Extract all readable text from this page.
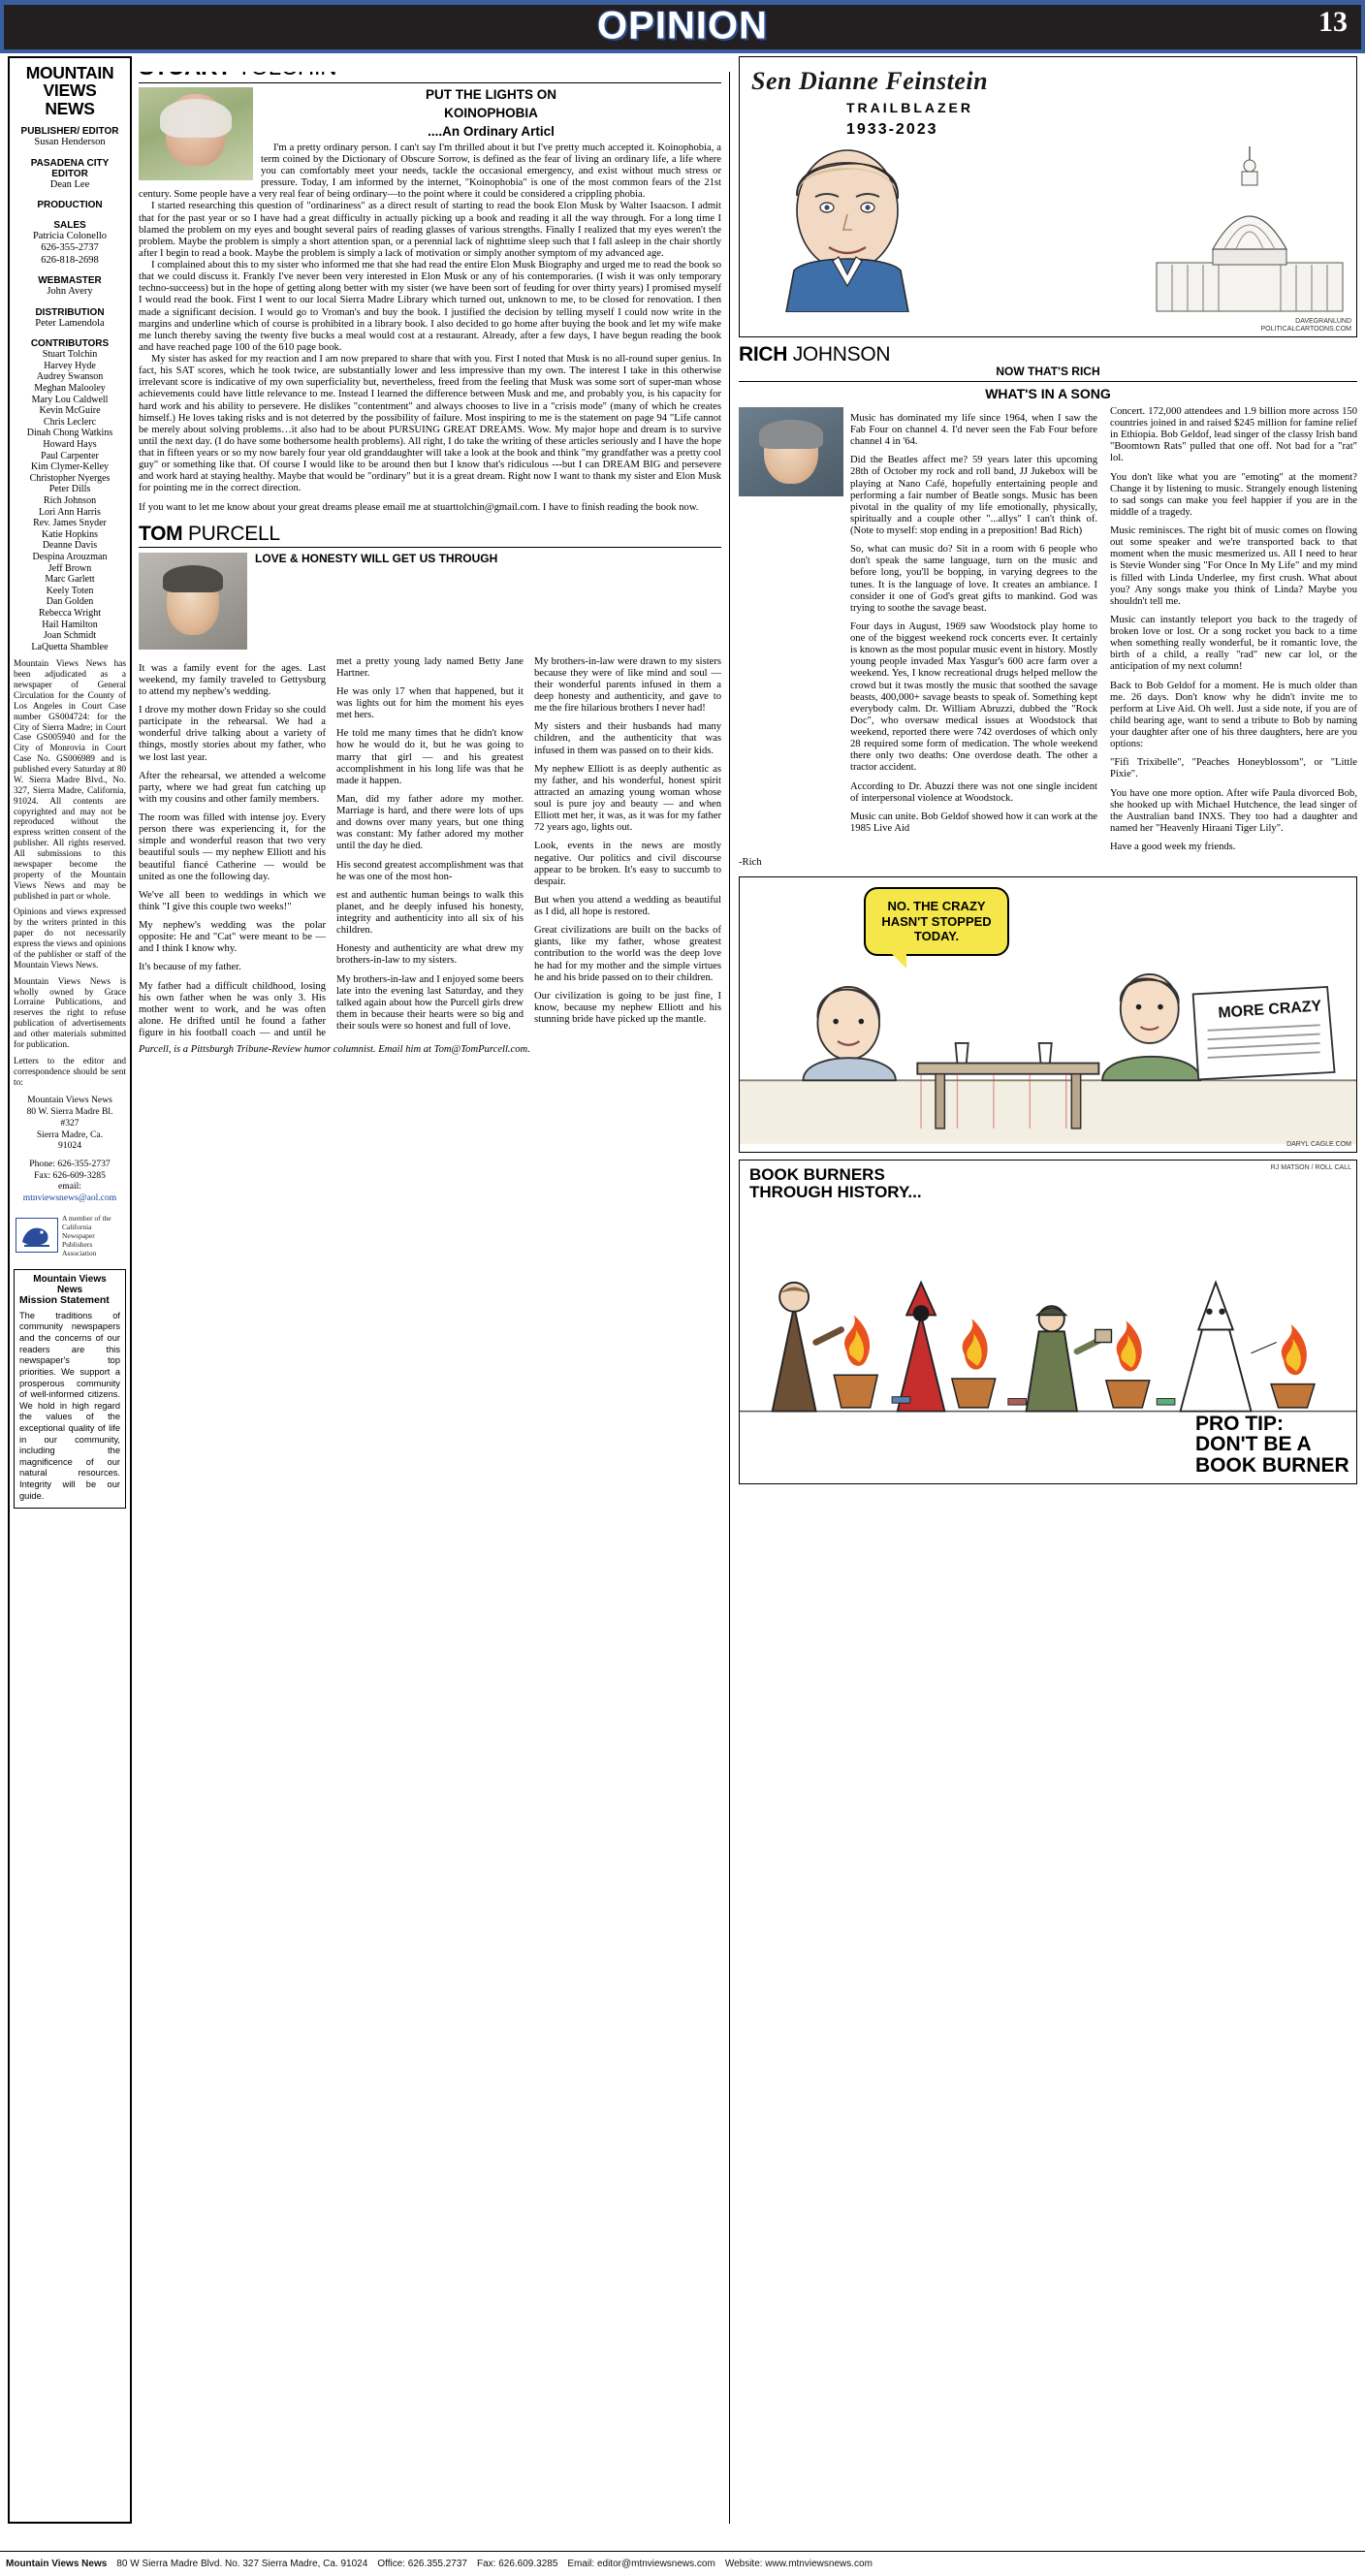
OPINION	13
MOUNTAIN
VIEWS
NEWS
PUBLISHER/ EDITOR
Susan Henderson
PASADENA CITY EDITOR
Dean Lee
PRODUCTION
SALES
Patricia Colonello
626-355-2737
626-818-2698
WEBMASTER
John Avery
DISTRIBUTION
Peter Lamendola
CONTRIBUTORS
Stuart Tolchin
Harvey Hyde
Audrey Swanson
Meghan Malooley
Mary Lou Caldwell
Kevin McGuire
Chris Leclerc
Dinah Chong Watkins
Howard Hays
Paul Carpenter
Kim Clymer-Kelley
Christopher Nyerges
Peter Dills
Rich Johnson
Lori Ann Harris
Rev. James Snyder
Katie Hopkins
Deanne Davis
Despina Arouzman
Jeff Brown
Marc Garlett
Keely Toten
Dan Golden
Rebecca Wright
Hail Hamilton
Joan Schmidt
LaQuetta Shamblee

Mountain Views News has been adjudicated as a newspaper of General Circulation for the County of Los Angeles in Court Case number GS004724: for the City of Sierra Madre; in Court Case GS005940 and for the City of Monrovia in Court Case No. GS006989 and is published every Saturday at 80 W. Sierra Madre Blvd., No. 327, Sierra Madre, California, 91024. All contents are copyrighted and may not be reproduced without the express written consent of the publisher. All rights reserved. All submissions to this newspaper become the property of the Mountain Views News and may be published in part or whole.

Opinions and views expressed by the writers printed in this paper do not necessarily express the views and opinions of the publisher or staff of the Mountain Views News.

Mountain Views News is wholly owned by Grace Lorraine Publications, and reserves the right to refuse publication of advertisements and other materials submitted for publication.

Letters to the editor and correspondence should be sent to:

Mountain Views News
80 W. Sierra Madre Bl.
#327
Sierra Madre, Ca.
91024
Phone: 626-355-2737
Fax: 626-609-3285
email:
mtnviewsnews@aol.com
A member of the
California
Newspaper
Publishers
Association
Mountain Views News
Mission Statement
The traditions of community newspapers and the concerns of our readers are this newspaper's top priorities. We support a prosperous community of well-informed citizens. We hold in high regard the values of the exceptional quality of life in our community, including the magnificence of our natural resources. Integrity will be our guide.
PUT THE LIGHTS ON
KOINOPHOBIA
....An Ordinary Articl

I'm a pretty ordinary person. I can't say I'm thrilled about it but I've pretty much accepted it. Koinophobia, a term coined by the Dictionary of Obscure Sorrow, is defined as the fear of living an ordinary life, a life where you can comfortably meet your needs, tackle the occasional emergency, and exist without much stress or pressure. Today, I am informed by the internet, "Koinophobia" is one of the most common fears of the 21st century. Some people have a very real fear of being ordinary—to the point where it could be considered a crippling phobia.

I started researching this question of "ordinariness" as a direct result of starting to read the book Elon Musk by Walter Isaacson. I admit that for the past year or so I have had a great difficulty in actually picking up a book and reading it all the way through. For a long time I blamed the problem on my eyes and bought several pairs of reading glasses of various strengths. Finally I realized that my eyes weren't the problem. Maybe the problem is simply a short attention span, or a perennial lack of nighttime sleep such that I fall asleep in the chair shortly after I begin to read a book. Maybe the problem is simply a lack of motivation or simply another symptom of my advanced age.

I complained about this to my sister who informed me that she had read the entire Elon Musk Biography and urged me to read the book so that we could discuss it. Frankly I've never been very interested in Elon Musk or any of his contemporaries. (I wish it was only temporary techno-succeess) but in the hope of getting along better with my sister (we have been sort of feuding for over thirty years) I promised myself I would read the book. First I went to our local Sierra Madre Library which turned out, unknown to me, to be closed for renovation. I then made a significant decision. I would go to Vroman's and buy the book. I justified the decision by telling myself I could now write in the margins and underline which of course is prohibited in a library book. I also decided to go home after buying the book and let my wife make me lunch thereby saving the twenty five bucks a meal would cost at a restaurant. Already, after a few days, I have begun reading the book and have reached page 100 of the 610 page book.

My sister has asked for my reaction and I am now prepared to share that with you. First I noted that Musk is no all-round super genius. In fact, his SAT scores, which he took twice, are substantially lower and less impressive than my own. The interest I take in this otherwise irrelevant score is indicative of my own superficiality but, nevertheless, freed from the feeling that Musk was some sort of super-man whose achievements could have little relevance to me. Instead I learned the difference between Musk and me, and probably you, is his capacity for hard work and his ability to persevere. He dislikes "contentment" and always chooses to live in a "crisis mode" (many of which he creates himself.) He loves taking risks and is not deterred by the possibility of failure. Most inspiring to me is the statement on page 94 "Life cannot be merely about solving problems…it also had to be about PURSUING GREAT DREAMS. Wow. My major hope and dream is to survive until the next day. (I do have some bothersome health problems). All right, I do take the writing of these articles seriously and I have the hope that in fifteen years or so my now barely four year old granddaughter will take a look at the book and think "my grandfather was a pretty cool guy" or something like that. Of course I would like to be around then but I know that's ridiculous ---but I can DREAM BIG and persevere and work hard at staying healthy. Maybe that would be "ordinary" but it is a great dream. Right now I want to thank my sister and Elon Musk for pointing me in the correct direction.

If you want to let me know about your great dreams please email me at stuarttolchin@gmail.com. I have to finish reading the book now.

TOM PURCELL
LOVE & HONESTY WILL GET US THROUGH

It was a family event for the ages. Last weekend, my family traveled to Gettysburg to attend my nephew's wedding.

I drove my mother down Friday so she could participate in the rehearsal. We had a wonderful drive talking about a variety of things, mostly stories about my father, who we lost last year.

After the rehearsal, we attended a welcome party, where we had great fun catching up with my cousins and other family members.

The room was filled with intense joy. Every person there was experiencing it, for the simple and wonderful reason that two very beautiful souls — my nephew Elliott and his beautiful fiancé Catherine — would be united as one the following day.

We've all been to weddings in which we think "I give this couple two weeks!"

My nephew's wedding was the polar opposite: He and "Cat" were meant to be — and I think I know why.

It's because of my father.

My father had a difficult childhood, losing his own father when he was only 3. His mother went to work, and he was often alone. He drifted until he found a father figure in his football coach — and until he met a pretty young lady named Betty Jane Hartner.

He was only 17 when that happened, but it was lights out for him the moment his eyes met hers.

He told me many times that he didn't know how he would do it, but he was going to marry that girl — and his greatest accomplishment in his long life was that he made it happen.

Man, did my father adore my mother. Marriage is hard, and there were lots of ups and downs over many years, but one thing was constant: My father adored my mother until the day he died.

His second greatest accomplishment was that he was one of the most hon-

est and authentic human beings to walk this planet, and he deeply infused his honesty, integrity and authenticity into all six of his children.

Honesty and authenticity are what drew my brothers-in-law to my sisters.

My brothers-in-law and I enjoyed some beers late into the evening last Saturday, and they talked again about how the Purcell girls drew them in because their hearts were so big and their souls were so honest and full of love.

My brothers-in-law were drawn to my sisters because they were of like mind and soul — their wonderful parents infused in them a deep honesty and authenticity, and gave to me the fire hilarious brothers I never had!

My sisters and their husbands had many children, and the authenticity that was infused in them was passed on to their kids.

My nephew Elliott is as deeply authentic as my father, and his wonderful, honest spirit attracted an amazing young woman whose soul is pure joy and beauty — and when Elliott met her, it was, as it was for my father 72 years ago, lights out.

Look, events in the news are mostly negative. Our politics and civil discourse appear to be broken. It's easy to succumb to despair.

But when you attend a wedding as beautiful as I did, all hope is restored.

Great civilizations are built on the backs of giants, like my father, whose greatest contribution to the world was the deep love he had for my mother and the simple virtues he and his bride passed on to their children.

Our civilization is going to be just fine, I know, because my nephew Elliott and his stunning bride have picked up the mantle.

Purcell, is a Pittsburgh Tribune-Review humor columnist. Email him at Tom@TomPurcell.com.

Sen Dianne Feinstein
TRAILBLAZER
1933-2023
DAVEGRANLUND
POLITICALCARTOONS.COM
RICH JOHNSON
NOW THAT'S RICH
WHAT'S IN A SONG

Music has dominated my life since 1964, when I saw the Fab Four on channel 4. I'd never seen the Fab Four before channel 4 in '64.

Did the Beatles affect me? 59 years later this upcoming 28th of October my rock and roll band, JJ Jukebox will be playing at Nano Café, hopefully entertaining people and performing a fair number of Beatle songs. Music has been pivotal in the quality of my life emotionally, physically, spiritually and a couple other "...allys" I can't think of. (Note to myself: stop ending in a preposition! Bad Rich)

So, what can music do? Sit in a room with 6 people who don't speak the same language, turn on the music and before long, you'll be bopping, in varying degrees to the tunes. It is the language of love. It creates an ambiance. I consider it one of God's great gifts to mankind. God was trying to soothe the savage beast.

Four days in August, 1969 saw Woodstock play home to one of the biggest weekend rock concerts ever. It certainly is known as the most popular music event in history. Mostly young people invaded Max Yasgur's 600 acre farm over a weekend. Yes, I know recreational drugs helped mellow the crowd but it twas mostly the music that soothed the savage beasts, 400,000+ savage beasts to speak of. Something kept everybody calm. Dr. William Abruzzi, dubbed the "Rock Doc", who oversaw medical issues at Woodstock that weekend, reported there were 742 overdoses of which only 28 required some form of medication. The whole weekend there only two deaths: One overdose death. The other a tractor accident.

According to Dr. Abuzzi there was not one single incident of interpersonal violence at Woodstock.

Music can unite. Bob Geldof showed how it can work at the 1985 Live Aid

Concert. 172,000 attendees and 1.9 billion more across 150 countries joined in and raised $245 million for famine relief in Ethiopia. Bob Geldof, lead singer of the classy Irish band "Boomtown Rats" pulled that one off. Not bad for a "rat" lol.

You don't like what you are "emoting" at the moment? Change it by listening to music. Strangely enough listening to sad songs can make you feel happier if you are in the middle of a tragedy.

Music reminisces. The right bit of music comes on flowing out some speaker and we're transported back to that moment when the music mesmerized us. All I need to hear is Stevie Wonder sing "For Once In My Life" and my mind is filled with Linda Underlee, my first crush. What about you? Any songs make you think of Linda? Maybe you shouldn't tell me.

Music can instantly teleport you back to the tragedy of broken love or lost. Or a song rocket you back to a time when something really wonderful, be it romantic love, the birth of a child, a really "rad" new car lol, or the anticipation of my next column!

Back to Bob Geldof for a moment. He is much older than me. 26 days. Don't know why he didn't invite me to perform at Live Aid. Oh well. Just a side note, if you are of child bearing age, want to send a tribute to Bob by naming your daughter after one of his three daughters, here are you options:

"Fifi Trixibelle", "Peaches Honeyblossom", or "Little Pixie".

You have one more option. After wife Paula divorced Bob, she hooked up with Michael Hutchence, the lead singer of the Australian band INXS. They too had a daughter and named her "Heavenly Hiraani Tiger Lily".

Have a good week my friends.

-Rich

NO. THE CRAZY HASN'T STOPPED TODAY.
MORE CRAZY
DARYL CAGLE.COM
BOOK BURNERS
THROUGH HISTORY...
PRO TIP:
DON'T BE A
BOOK BURNER
RJ MATSON / ROLL CALL
Mountain Views News 80 W Sierra Madre Blvd. No. 327 Sierra Madre, Ca. 91024 Office: 626.355.2737 Fax: 626.609.3285 Email: editor@mtnviewsnews.com Website: www.mtnviewsnews.com
